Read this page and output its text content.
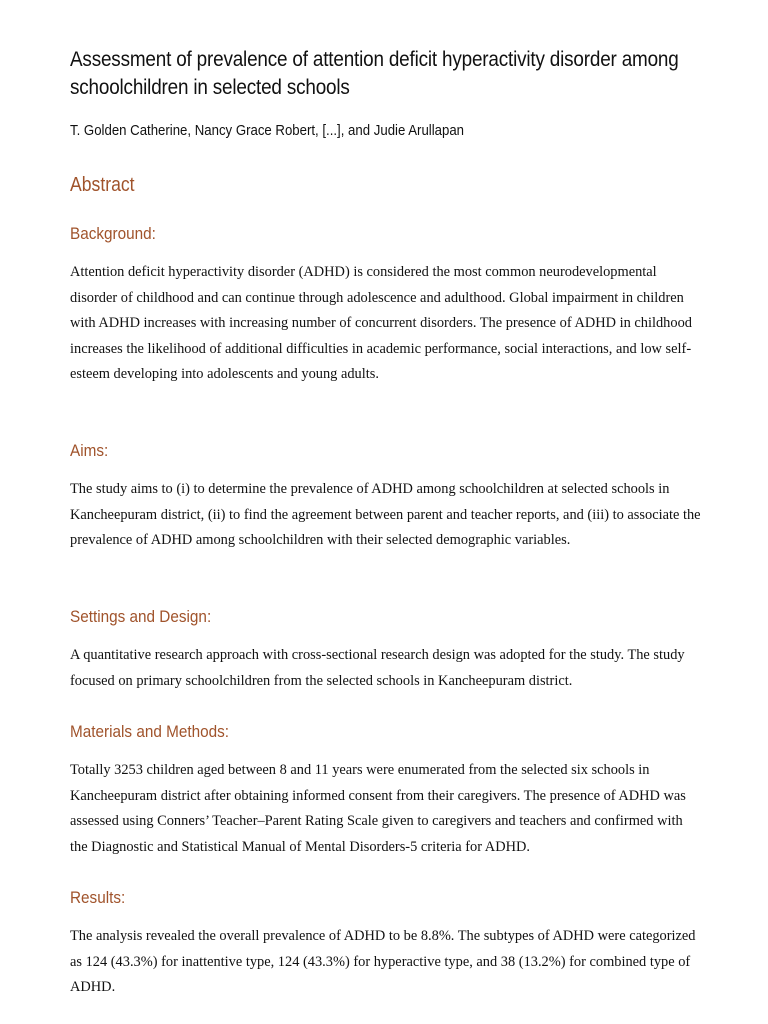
Assessment of prevalence of attention deficit hyperactivity disorder among schoolchildren in selected schools
T. Golden Catherine, Nancy Grace Robert, [...], and Judie Arullapan
Abstract
Background:

Attention deficit hyperactivity disorder (ADHD) is considered the most common neurodevelopmental disorder of childhood and can continue through adolescence and adulthood. Global impairment in children with ADHD increases with increasing number of concurrent disorders. The presence of ADHD in childhood increases the likelihood of additional difficulties in academic performance, social interactions, and low self-esteem developing into adolescents and young adults.

Aims:

The study aims to (i) to determine the prevalence of ADHD among schoolchildren at selected schools in Kancheepuram district, (ii) to find the agreement between parent and teacher reports, and (iii) to associate the prevalence of ADHD among schoolchildren with their selected demographic variables.

Settings and Design:

A quantitative research approach with cross-sectional research design was adopted for the study. The study focused on primary schoolchildren from the selected schools in Kancheepuram district.

Materials and Methods:

Totally 3253 children aged between 8 and 11 years were enumerated from the selected six schools in Kancheepuram district after obtaining informed consent from their caregivers. The presence of ADHD was assessed using Conners’ Teacher–Parent Rating Scale given to caregivers and teachers and confirmed with the Diagnostic and Statistical Manual of Mental Disorders-5 criteria for ADHD.

Results:

The analysis revealed the overall prevalence of ADHD to be 8.8%. The subtypes of ADHD were categorized as 124 (43.3%) for inattentive type, 124 (43.3%) for hyperactive type, and 38 (13.2%) for combined type of ADHD.
